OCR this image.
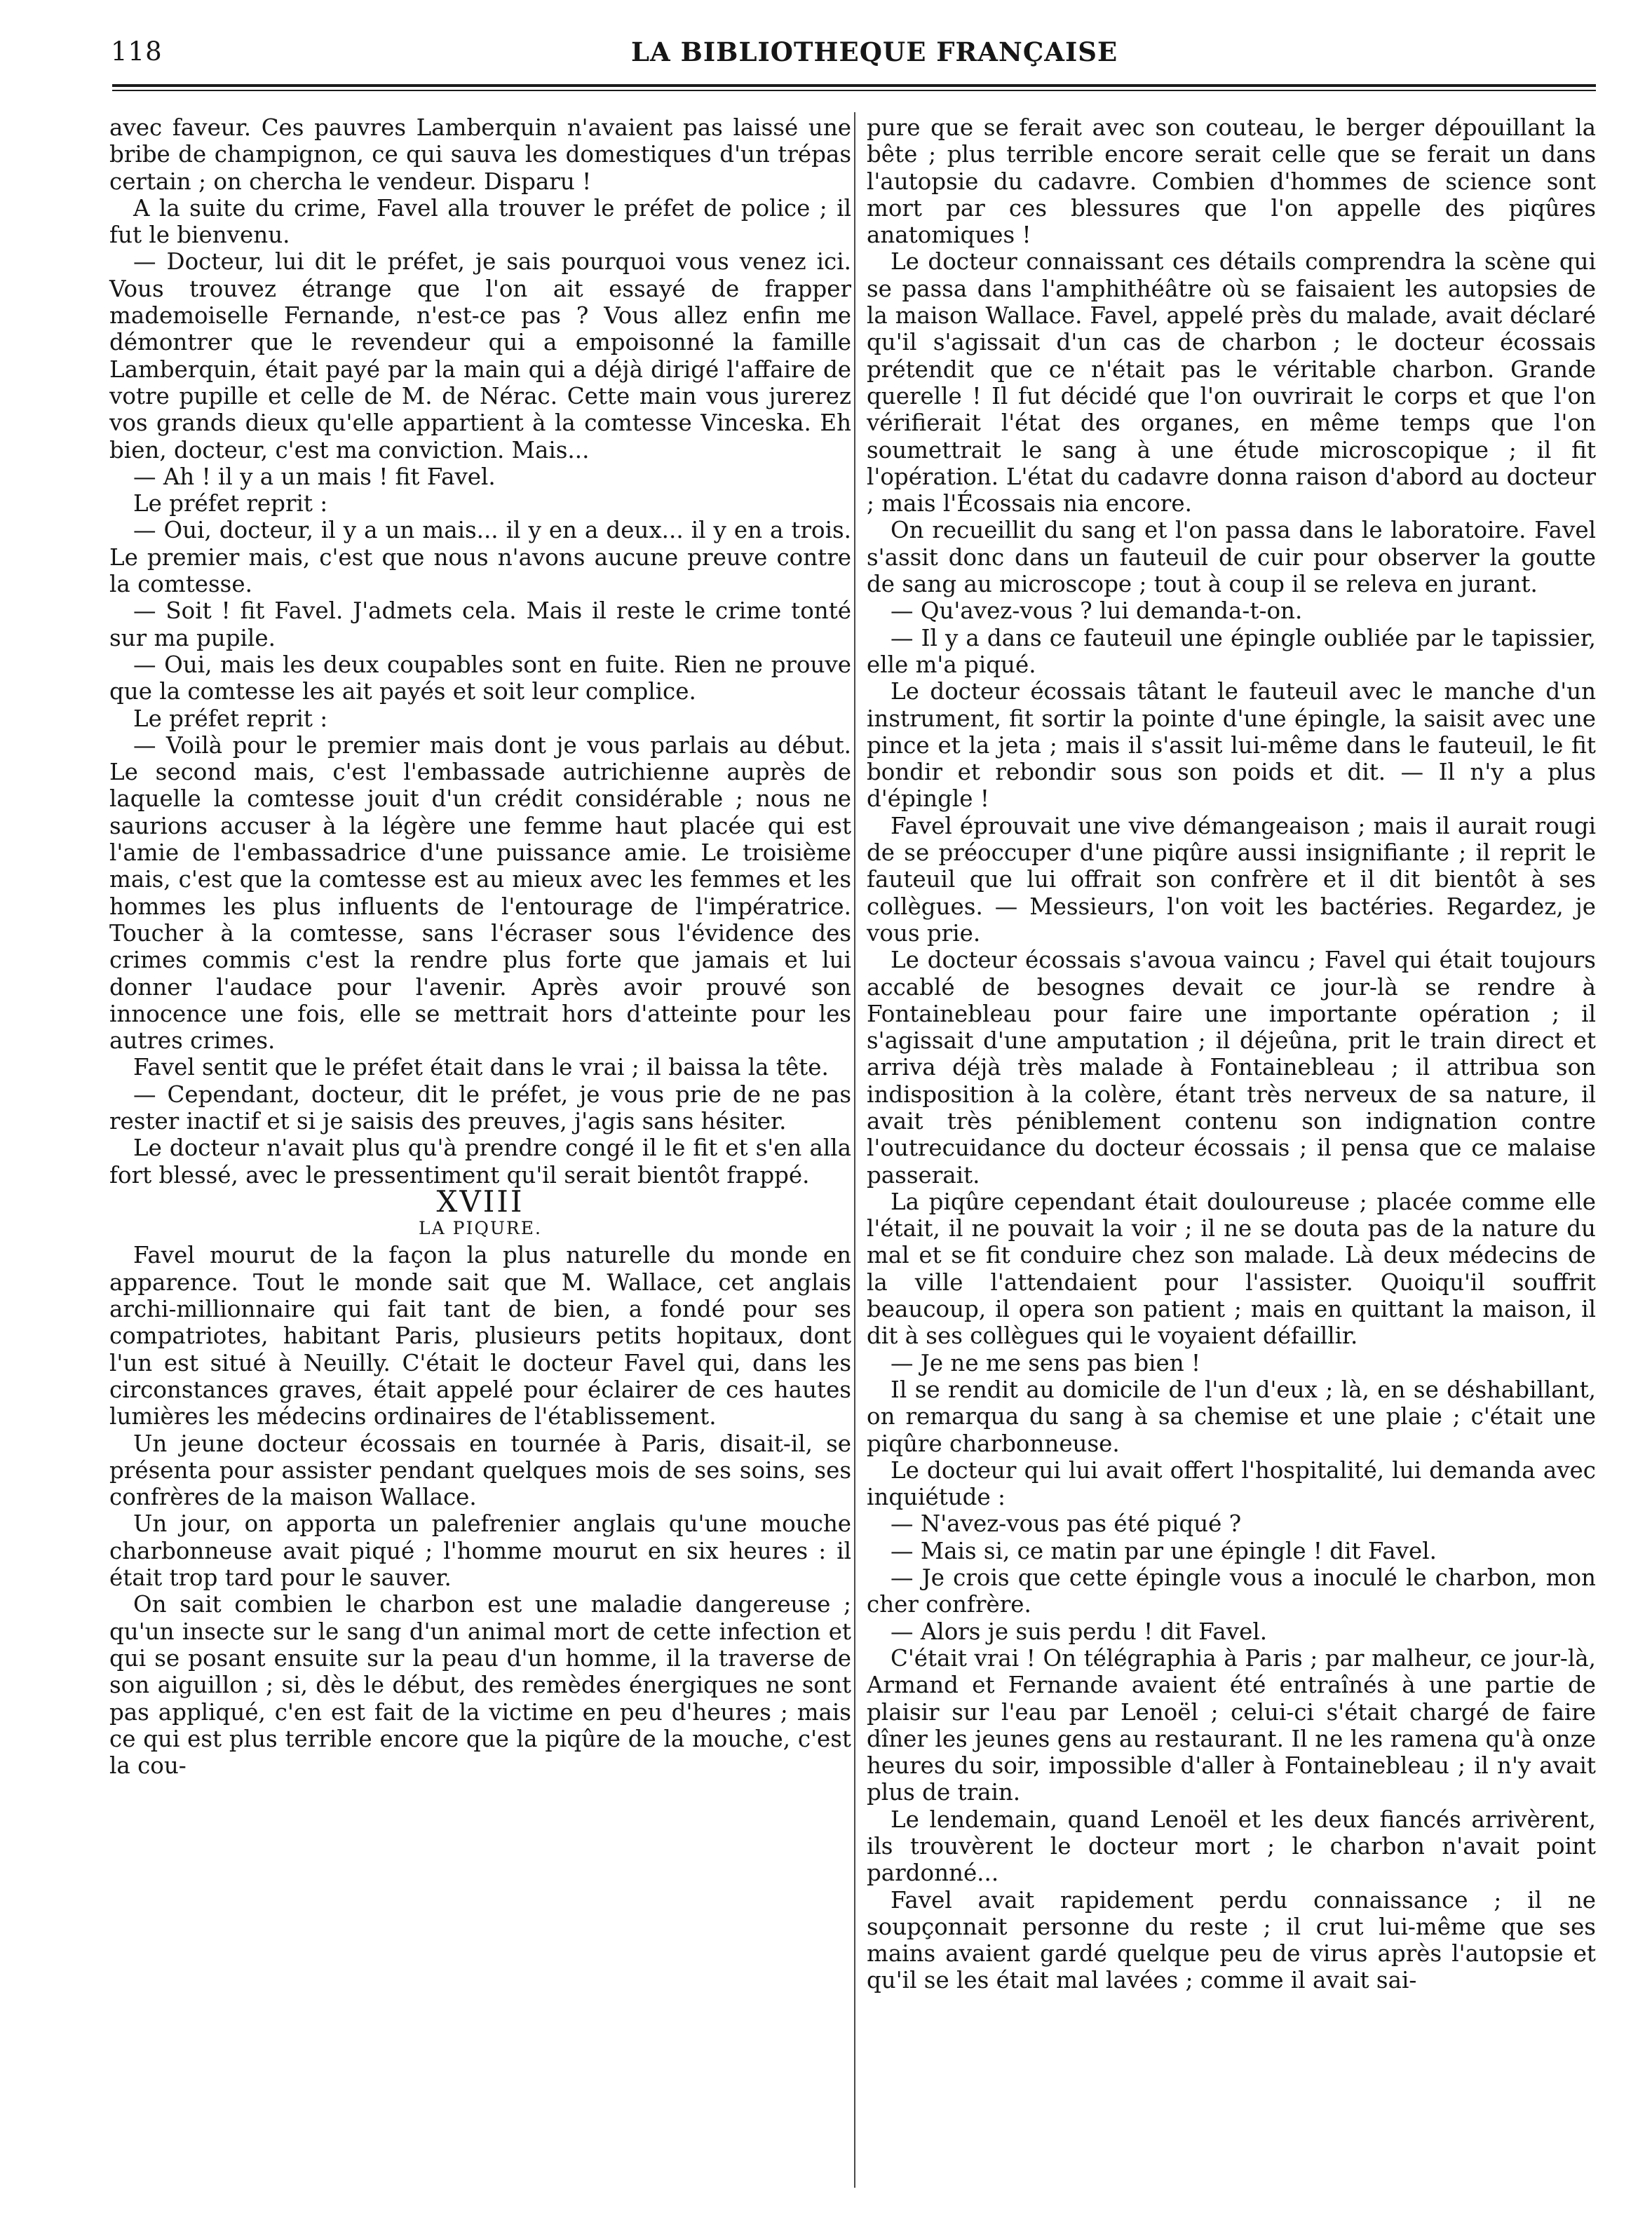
118	LA BIBLIOTHEQUE FRANÇAISE

avec faveur. Ces pauvres Lamberquin n'avaient pas laissé une bribe de champignon, ce qui sauva les domestiques d'un trépas certain ; on chercha le vendeur. Disparu !

A la suite du crime, Favel alla trouver le préfet de police ; il fut le bienvenu.

— Docteur, lui dit le préfet, je sais pourquoi vous venez ici. Vous trouvez étrange que l'on ait essayé de frapper mademoiselle Fernande, n'est-ce pas ? Vous allez enfin me démontrer que le revendeur qui a empoisonné la famille Lamberquin, était payé par la main qui a déjà dirigé l'affaire de votre pupille et celle de M. de Nérac. Cette main vous jurerez vos grands dieux qu'elle appartient à la comtesse Vinceska. Eh bien, docteur, c'est ma conviction. Mais...

— Ah ! il y a un mais ! fit Favel.

Le préfet reprit :

— Oui, docteur, il y a un mais... il y en a deux... il y en a trois. Le premier mais, c'est que nous n'avons aucune preuve contre la comtesse.

— Soit ! fit Favel. J'admets cela. Mais il reste le crime tonté sur ma pupile.

— Oui, mais les deux coupables sont en fuite. Rien ne prouve que la comtesse les ait payés et soit leur complice.

Le préfet reprit :

— Voilà pour le premier mais dont je vous parlais au début. Le second mais, c'est l'embassade autrichienne auprès de laquelle la comtesse jouit d'un crédit considérable ; nous ne saurions accuser à la légère une femme haut placée qui est l'amie de l'embassadrice d'une puissance amie. Le troisième mais, c'est que la comtesse est au mieux avec les femmes et les hommes les plus influents de l'entourage de l'impératrice. Toucher à la comtesse, sans l'écraser sous l'évidence des crimes commis c'est la rendre plus forte que jamais et lui donner l'audace pour l'avenir. Après avoir prouvé son innocence une fois, elle se mettrait hors d'atteinte pour les autres crimes.

Favel sentit que le préfet était dans le vrai ; il baissa la tête.

— Cependant, docteur, dit le préfet, je vous prie de ne pas rester inactif et si je saisis des preuves, j'agis sans hésiter.

Le docteur n'avait plus qu'à prendre congé il le fit et s'en alla fort blessé, avec le pressentiment qu'il serait bientôt frappé.

XVIII

LA PIQURE.

Favel mourut de la façon la plus naturelle du monde en apparence. Tout le monde sait que M. Wallace, cet anglais archi-millionnaire qui fait tant de bien, a fondé pour ses compatriotes, habitant Paris, plusieurs petits hopitaux, dont l'un est situé à Neuilly. C'était le docteur Favel qui, dans les circonstances graves, était appelé pour éclairer de ces hautes lumières les médecins ordinaires de l'établissement.

Un jeune docteur écossais en tournée à Paris, disait-il, se présenta pour assister pendant quelques mois de ses soins, ses confrères de la maison Wallace.

Un jour, on apporta un palefrenier anglais qu'une mouche charbonneuse avait piqué ; l'homme mourut en six heures : il était trop tard pour le sauver.

On sait combien le charbon est une maladie dangereuse ; qu'un insecte sur le sang d'un animal mort de cette infection et qui se posant ensuite sur la peau d'un homme, il la traverse de son aiguillon ; si, dès le début, des remèdes énergiques ne sont pas appliqué, c'en est fait de la victime en peu d'heures ; mais ce qui est plus terrible encore que la piqûre de la mouche, c'est la cou-

pure que se ferait avec son couteau, le berger dépouillant la bête ; plus terrible encore serait celle que se ferait un dans l'autopsie du cadavre. Combien d'hommes de science sont mort par ces blessures que l'on appelle des piqûres anatomiques !

Le docteur connaissant ces détails comprendra la scène qui se passa dans l'amphithéâtre où se faisaient les autopsies de la maison Wallace. Favel, appelé près du malade, avait déclaré qu'il s'agissait d'un cas de charbon ; le docteur écossais prétendit que ce n'était pas le véritable charbon. Grande querelle ! Il fut décidé que l'on ouvrirait le corps et que l'on vérifierait l'état des organes, en même temps que l'on soumettrait le sang à une étude microscopique ; il fit l'opération. L'état du cadavre donna raison d'abord au docteur ; mais l'Écossais nia encore.

On recueillit du sang et l'on passa dans le laboratoire. Favel s'assit donc dans un fauteuil de cuir pour observer la goutte de sang au microscope ; tout à coup il se releva en jurant.

— Qu'avez-vous ? lui demanda-t-on.

— Il y a dans ce fauteuil une épingle oubliée par le tapissier, elle m'a piqué.

Le docteur écossais tâtant le fauteuil avec le manche d'un instrument, fit sortir la pointe d'une épingle, la saisit avec une pince et la jeta ; mais il s'assit lui-même dans le fauteuil, le fit bondir et rebondir sous son poids et dit. — Il n'y a plus d'épingle !

Favel éprouvait une vive démangeaison ; mais il aurait rougi de se préoccuper d'une piqûre aussi insignifiante ; il reprit le fauteuil que lui offrait son confrère et il dit bientôt à ses collègues. — Messieurs, l'on voit les bactéries. Regardez, je vous prie.

Le docteur écossais s'avoua vaincu ; Favel qui était toujours accablé de besognes devait ce jour-là se rendre à Fontainebleau pour faire une importante opération ; il s'agissait d'une amputation ; il déjeûna, prit le train direct et arriva déjà très malade à Fontainebleau ; il attribua son indisposition à la colère, étant très nerveux de sa nature, il avait très péniblement contenu son indignation contre l'outrecuidance du docteur écossais ; il pensa que ce malaise passerait.

La piqûre cependant était douloureuse ; placée comme elle l'était, il ne pouvait la voir ; il ne se douta pas de la nature du mal et se fit conduire chez son malade. Là deux médecins de la ville l'attendaient pour l'assister. Quoiqu'il souffrit beaucoup, il opera son patient ; mais en quittant la maison, il dit à ses collègues qui le voyaient défaillir.

— Je ne me sens pas bien !

Il se rendit au domicile de l'un d'eux ; là, en se déshabillant, on remarqua du sang à sa chemise et une plaie ; c'était une piqûre charbonneuse.

Le docteur qui lui avait offert l'hospitalité, lui demanda avec inquiétude :

— N'avez-vous pas été piqué ?

— Mais si, ce matin par une épingle ! dit Favel.

— Je crois que cette épingle vous a inoculé le charbon, mon cher confrère.

— Alors je suis perdu ! dit Favel.

C'était vrai ! On télégraphia à Paris ; par malheur, ce jour-là, Armand et Fernande avaient été entraînés à une partie de plaisir sur l'eau par Lenoël ; celui-ci s'était chargé de faire dîner les jeunes gens au restaurant. Il ne les ramena qu'à onze heures du soir, impossible d'aller à Fontainebleau ; il n'y avait plus de train.

Le lendemain, quand Lenoël et les deux fiancés arrivèrent, ils trouvèrent le docteur mort ; le charbon n'avait point pardonné...

Favel avait rapidement perdu connaissance ; il ne soupçonnait personne du reste ; il crut lui-même que ses mains avaient gardé quelque peu de virus après l'autopsie et qu'il se les était mal lavées ; comme il avait sai-
